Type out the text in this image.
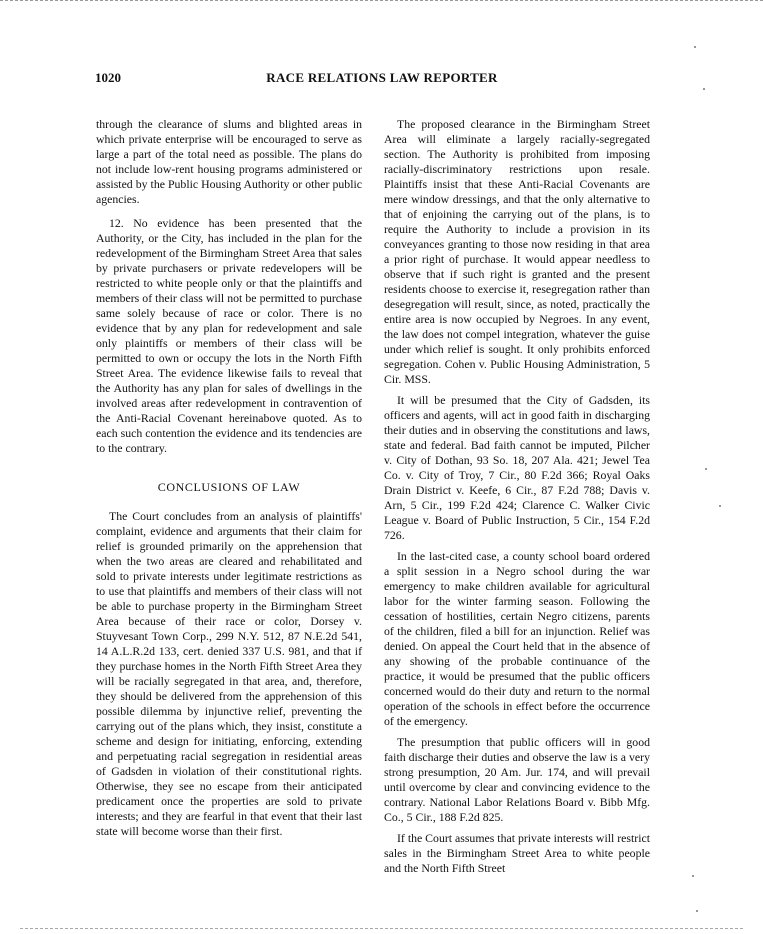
1020	RACE RELATIONS LAW REPORTER

through the clearance of slums and blighted areas in which private enterprise will be encouraged to serve as large a part of the total need as possible. The plans do not include low-rent housing programs administered or assisted by the Public Housing Authority or other public agencies.

12. No evidence has been presented that the Authority, or the City, has included in the plan for the redevelopment of the Birmingham Street Area that sales by private purchasers or private redevelopers will be restricted to white people only or that the plaintiffs and members of their class will not be permitted to purchase same solely because of race or color. There is no evidence that by any plan for redevelopment and sale only plaintiffs or members of their class will be permitted to own or occupy the lots in the North Fifth Street Area. The evidence likewise fails to reveal that the Authority has any plan for sales of dwellings in the involved areas after redevelopment in contravention of the Anti-Racial Covenant hereinabove quoted. As to each such contention the evidence and its tendencies are to the contrary.

CONCLUSIONS OF LAW

The Court concludes from an analysis of plaintiffs' complaint, evidence and arguments that their claim for relief is grounded primarily on the apprehension that when the two areas are cleared and rehabilitated and sold to private interests under legitimate restrictions as to use that plaintiffs and members of their class will not be able to purchase property in the Birmingham Street Area because of their race or color, Dorsey v. Stuyvesant Town Corp., 299 N.Y. 512, 87 N.E.2d 541, 14 A.L.R.2d 133, cert. denied 337 U.S. 981, and that if they purchase homes in the North Fifth Street Area they will be racially segregated in that area, and, therefore, they should be delivered from the apprehension of this possible dilemma by injunctive relief, preventing the carrying out of the plans which, they insist, constitute a scheme and design for initiating, enforcing, extending and perpetuating racial segregation in residential areas of Gadsden in violation of their constitutional rights. Otherwise, they see no escape from their anticipated predicament once the properties are sold to private interests; and they are fearful in that event that their last state will become worse than their first.

The proposed clearance in the Birmingham Street Area will eliminate a largely racially-segregated section. The Authority is prohibited from imposing racially-discriminatory restrictions upon resale. Plaintiffs insist that these Anti-Racial Covenants are mere window dressings, and that the only alternative to that of enjoining the carrying out of the plans, is to require the Authority to include a provision in its conveyances granting to those now residing in that area a prior right of purchase. It would appear needless to observe that if such right is granted and the present residents choose to exercise it, resegregation rather than desegregation will result, since, as noted, practically the entire area is now occupied by Negroes. In any event, the law does not compel integration, whatever the guise under which relief is sought. It only prohibits enforced segregation. Cohen v. Public Housing Administration, 5 Cir. MSS.

It will be presumed that the City of Gadsden, its officers and agents, will act in good faith in discharging their duties and in observing the constitutions and laws, state and federal. Bad faith cannot be imputed, Pilcher v. City of Dothan, 93 So. 18, 207 Ala. 421; Jewel Tea Co. v. City of Troy, 7 Cir., 80 F.2d 366; Royal Oaks Drain District v. Keefe, 6 Cir., 87 F.2d 788; Davis v. Arn, 5 Cir., 199 F.2d 424; Clarence C. Walker Civic League v. Board of Public Instruction, 5 Cir., 154 F.2d 726.

In the last-cited case, a county school board ordered a split session in a Negro school during the war emergency to make children available for agricultural labor for the winter farming season. Following the cessation of hostilities, certain Negro citizens, parents of the children, filed a bill for an injunction. Relief was denied. On appeal the Court held that in the absence of any showing of the probable continuance of the practice, it would be presumed that the public officers concerned would do their duty and return to the normal operation of the schools in effect before the occurrence of the emergency.

The presumption that public officers will in good faith discharge their duties and observe the law is a very strong presumption, 20 Am. Jur. 174, and will prevail until overcome by clear and convincing evidence to the contrary. National Labor Relations Board v. Bibb Mfg. Co., 5 Cir., 188 F.2d 825.

If the Court assumes that private interests will restrict sales in the Birmingham Street Area to white people and the North Fifth Street
